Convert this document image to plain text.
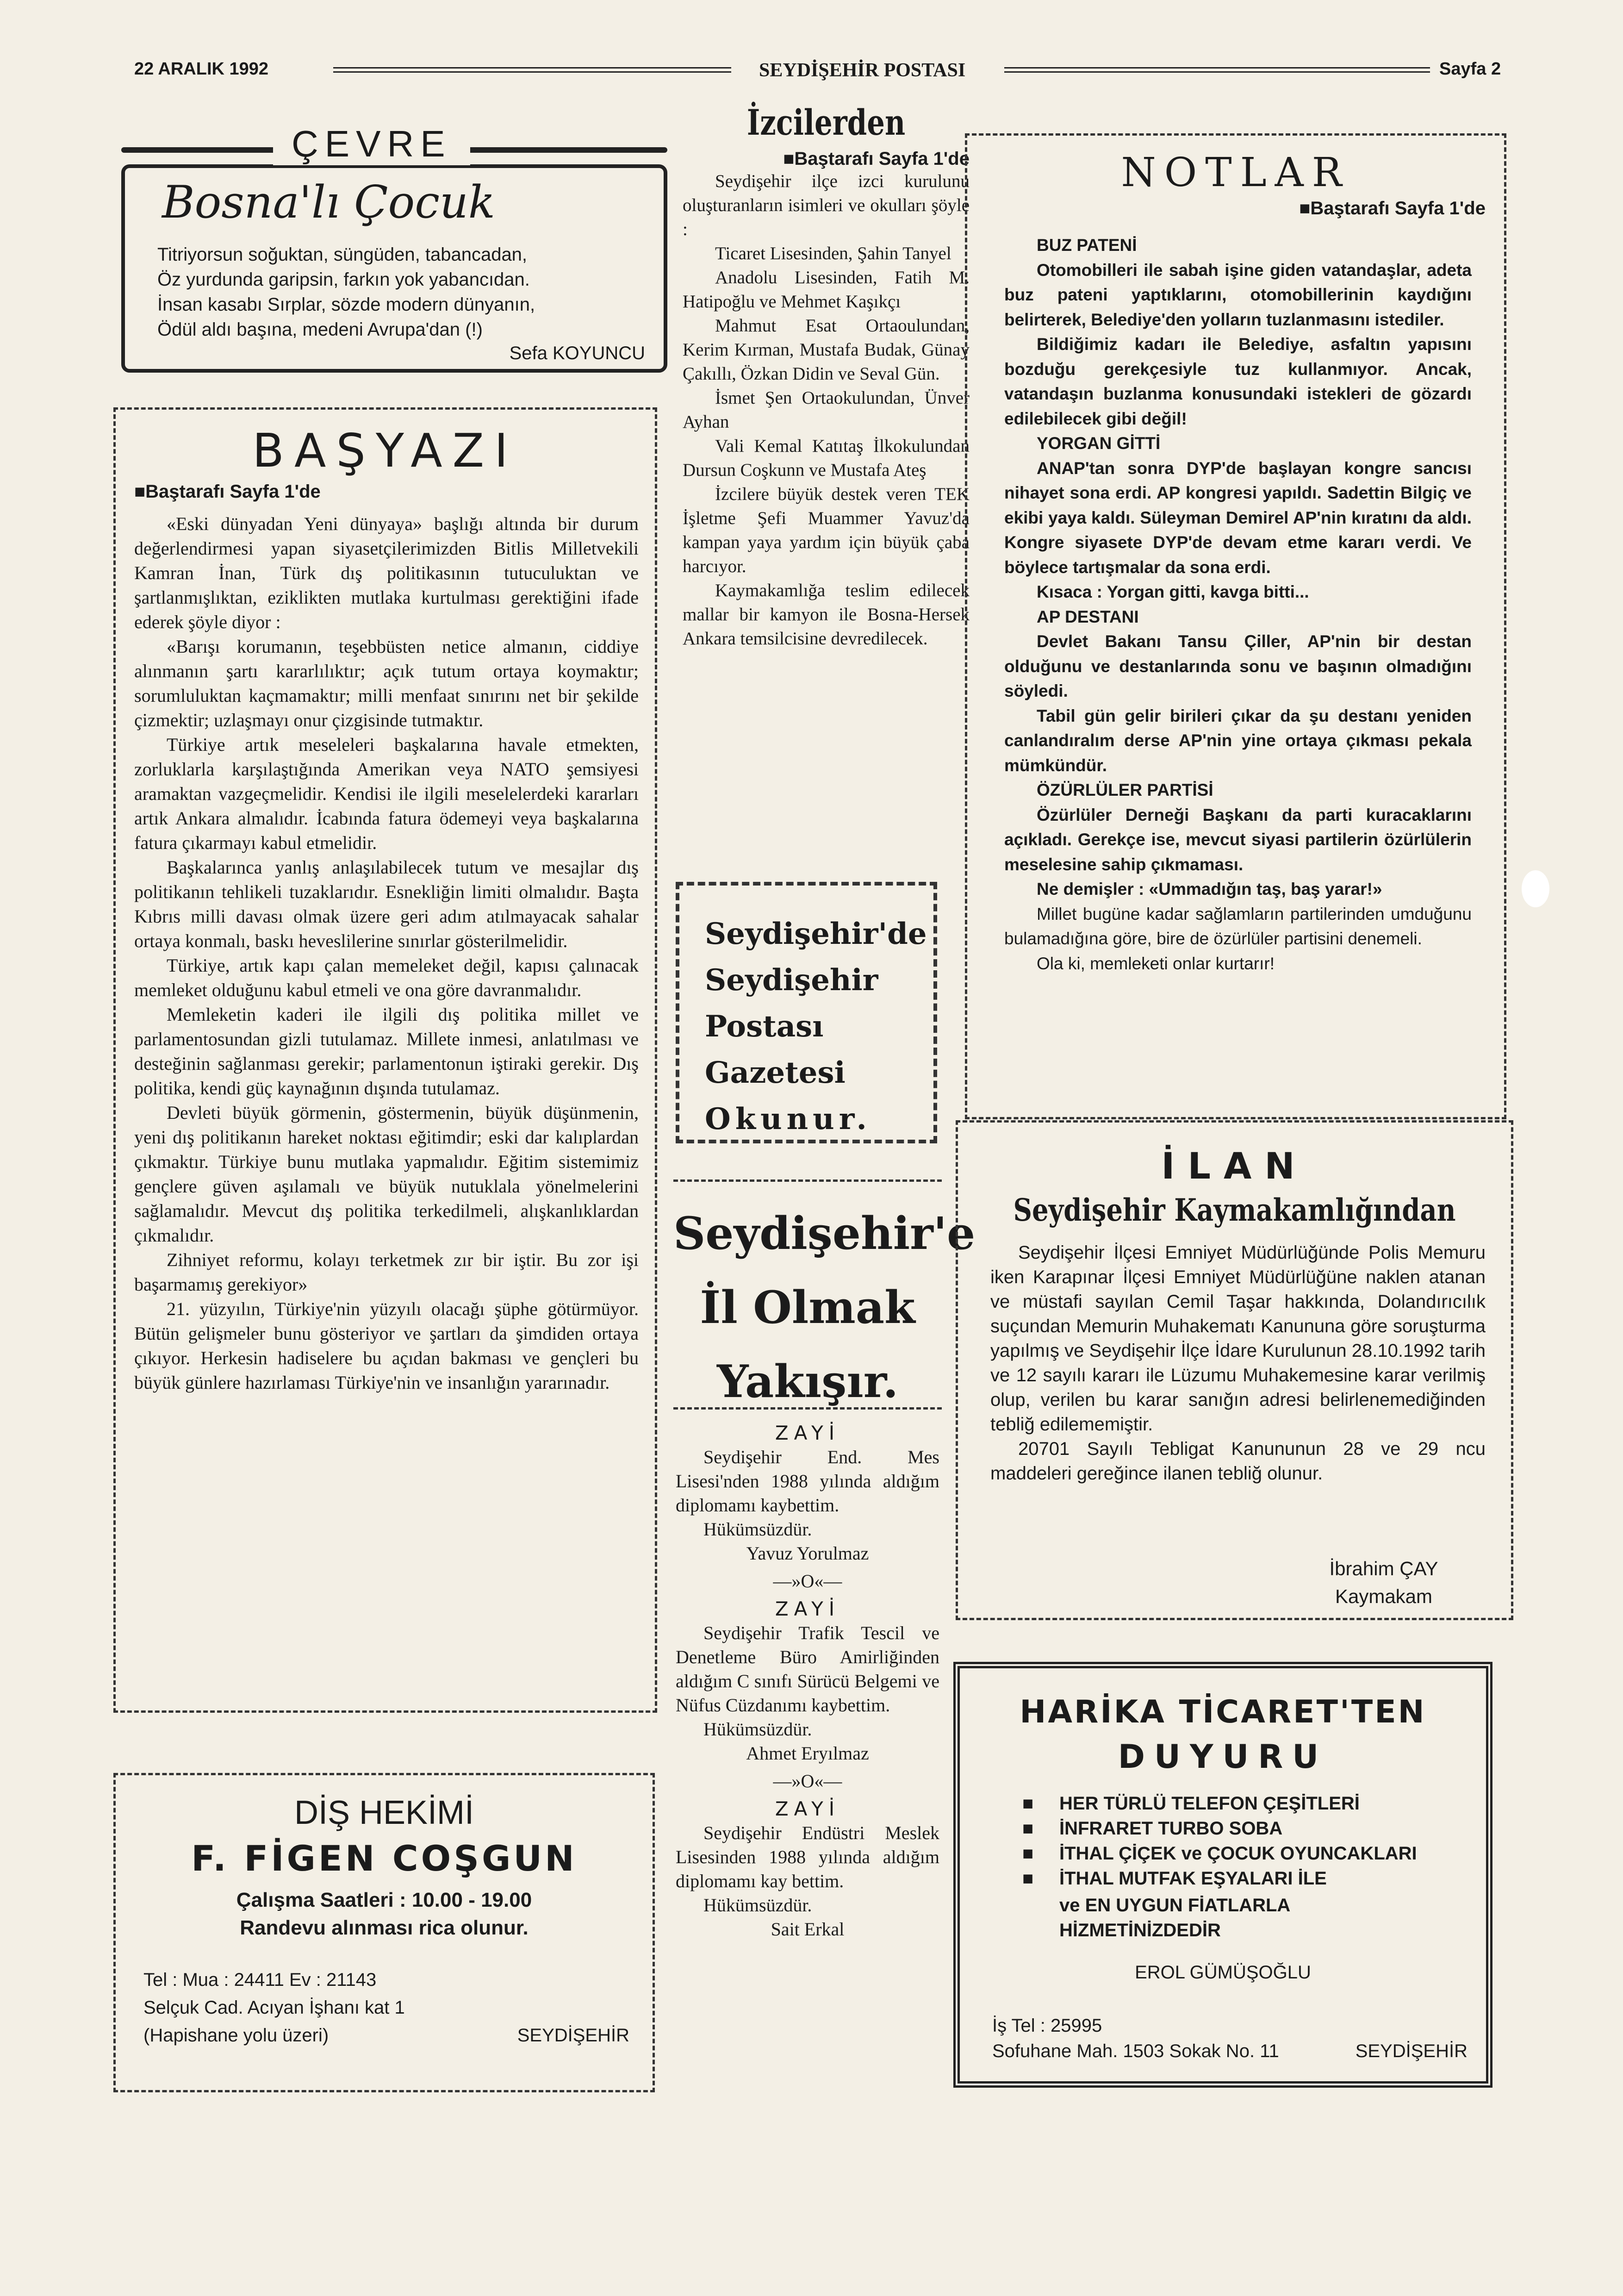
22 ARALIK 1992	SEYDİŞEHİR POSTASI	Sayfa 2
Bosna'lı Çocuk

Titriyorsun soğuktan, süngüden, tabancadan,

Öz yurdunda garipsin, farkın yok yabancıdan.

İnsan kasabı Sırplar, sözde modern dünyanın,

Ödül aldı başına, medeni Avrupa'dan (!)

Sefa KOYUNCU
ÇEVRE
BAŞYAZI
■Baştarafı Sayfa 1'de

«Eski dünyadan Yeni dünyaya» başlığı altında bir durum değerlendirmesi yapan siyasetçilerimizden Bitlis Milletvekili Kamran İnan, Türk dış politikasının tutuculuktan ve şartlanmışlıktan, eziklikten mutlaka kurtulması gerektiğini ifade ederek şöyle diyor :

«Barışı korumanın, teşebbüsten netice almanın, ciddiye alınmanın şartı kararlılıktır; açık tutum ortaya koymaktır; sorumluluktan kaçmamaktır; milli menfaat sınırını net bir şekilde çizmektir; uzlaşmayı onur çizgisinde tutmaktır.

Türkiye artık meseleleri başkalarına havale etmekten, zorluklarla karşılaştığında Amerikan veya NATO şemsiyesi aramaktan vazgeçmelidir. Kendisi ile ilgili meselelerdeki kararları artık Ankara almalıdır. İcabında fatura ödemeyi veya başkalarına fatura çıkarmayı kabul etmelidir.

Başkalarınca yanlış anlaşılabilecek tutum ve mesajlar dış politikanın tehlikeli tuzaklarıdır. Esnekliğin limiti olmalıdır. Başta Kıbrıs milli davası olmak üzere geri adım atılmayacak sahalar ortaya konmalı, baskı heveslilerine sınırlar gösterilmelidir.

Türkiye, artık kapı çalan memeleket değil, kapısı çalınacak memleket olduğunu kabul etmeli ve ona göre davranmalıdır.

Memleketin kaderi ile ilgili dış politika millet ve parlamentosundan gizli tutulamaz. Millete inmesi, anlatılması ve desteğinin sağlanması gerekir; parlamentonun iştiraki gerekir. Dış politika, kendi güç kaynağının dışında tutulamaz.

Devleti büyük görmenin, göstermenin, büyük düşünmenin, yeni dış politikanın hareket noktası eğitimdir; eski dar kalıplardan çıkmaktır. Türkiye bunu mutlaka yapmalıdır. Eğitim sistemimiz gençlere güven aşılamalı ve büyük nutuklala yönelmelerini sağlamalıdır. Mevcut dış politika terkedilmeli, alışkanlıklardan çıkmalıdır.

Zihniyet reformu, kolayı terketmek zır bir iştir. Bu zor işi başarmamış gerekiyor»

21. yüzyılın, Türkiye'nin yüzyılı olacağı şüphe götürmüyor. Bütün gelişmeler bunu gösteriyor ve şartları da şimdiden ortaya çıkıyor. Herkesin hadiselere bu açıdan bakması ve gençleri bu büyük günlere hazırlaması Türkiye'nin ve insanlığın yararınadır.

DİŞ HEKİMİ
F. FİGEN COŞGUN
Çalışma Saatleri : 10.00 - 19.00
Randevu alınması rica olunur.
Tel : Mua : 24411 Ev : 21143
Selçuk Cad. Acıyan İşhanı kat 1
(Hapishane yolu üzeri)	SEYDİŞEHİR
İzcilerden
■Baştarafı Sayfa 1'de

Seydişehir ilçe izci kurulunu oluşturanların isimleri ve okulları şöyle :

Ticaret Lisesinden, Şahin Tanyel

Anadolu Lisesinden, Fatih M. Hatipoğlu ve Mehmet Kaşıkçı

Mahmut Esat Ortaoulundan, Kerim Kırman, Mustafa Budak, Günay Çakıllı, Özkan Didin ve Seval Gün.

İsmet Şen Ortaokulundan, Ünver Ayhan

Vali Kemal Katıtaş İlkokulundan Dursun Coşkunn ve Mustafa Ateş

İzcilere büyük destek veren TEK İşletme Şefi Muammer Yavuz'da kampan yaya yardım için büyük çaba harcıyor.

Kaymakamlığa teslim edilecek mallar bir kamyon ile Bosna-Hersek Ankara temsilcisine devredilecek.

Seydişehir'de

Seydişehir

Postası

Gazetesi

Okunur.

Seydişehir'e

İl Olmak

Yakışır.

ZAYİ

Seydişehir End. Mes Lisesi'nden 1988 yılında aldığım diplomamı kaybettim.

Hükümsüzdür.

Yavuz Yorulmaz

—»O«—

ZAYİ

Seydişehir Trafik Tescil ve Denetleme Büro Amirliğinden aldığım C sınıfı Sürücü Belgemi ve Nüfus Cüzdanımı kaybettim.

Hükümsüzdür.

Ahmet Eryılmaz

—»O«—

ZAYİ

Seydişehir Endüstri Meslek Lisesinden 1988 yılında aldığım diplomamı kay bettim.

Hükümsüzdür.

Sait Erkal

NOTLAR
■Baştarafı Sayfa 1'de

BUZ PATENİ

Otomobilleri ile sabah işine giden vatandaşlar, adeta buz pateni yaptıklarını, otomobillerinin kaydığını belirterek, Belediye'den yolların tuzlanmasını istediler.

Bildiğimiz kadarı ile Belediye, asfaltın yapısını bozduğu gerekçesiyle tuz kullanmıyor. Ancak, vatandaşın buzlanma konusundaki istekleri de gözardı edilebilecek gibi değil!

YORGAN GİTTİ

ANAP'tan sonra DYP'de başlayan kongre sancısı nihayet sona erdi. AP kongresi yapıldı. Sadettin Bilgiç ve ekibi yaya kaldı. Süleyman Demirel AP'nin kıratını da aldı. Kongre siyasete DYP'de devam etme kararı verdi. Ve böylece tartışmalar da sona erdi.

Kısaca : Yorgan gitti, kavga bitti...

AP DESTANI

Devlet Bakanı Tansu Çiller, AP'nin bir destan olduğunu ve destanlarında sonu ve başının olmadığını söyledi.

Tabil gün gelir birileri çıkar da şu destanı yeniden canlandıralım derse AP'nin yine ortaya çıkması pekala mümkündür.

ÖZÜRLÜLER PARTİSİ

Özürlüler Derneği Başkanı da parti kuracaklarını açıkladı. Gerekçe ise, mevcut siyasi partilerin özürlülerin meselesine sahip çıkmaması.

Ne demişler : «Ummadığın taş, baş yarar!»

Millet bugüne kadar sağlamların partilerinden umduğunu bulamadığına göre, bire de özürlüler partisini denemeli.

Ola ki, memleketi onlar kurtarır!

İLAN
Seydişehir Kaymakamlığından

Seydişehir İlçesi Emniyet Müdürlüğünde Polis Memuru iken Karapınar İlçesi Emniyet Müdürlüğüne naklen atanan ve müstafi sayılan Cemil Taşar hakkında, Dolandırıcılık suçundan Memurin Muhakematı Kanununa göre soruşturma yapılmış ve Seydişehir İlçe İdare Kurulunun 28.10.1992 tarih ve 12 sayılı kararı ile Lüzumu Muhakemesine karar verilmiş olup, verilen bu karar sanığın adresi belirlenemediğinden tebliğ edilememiştir.

20701 Sayılı Tebligat Kanununun 28 ve 29 ncu maddeleri gereğince ilanen tebliğ olunur.

İbrahim ÇAY
Kaymakam
HARİKA TİCARET'TEN
DUYURU
■ HER TÜRLÜ TELEFON ÇEŞİTLERİ
■ İNFRARET TURBO SOBA
■ İTHAL ÇİÇEK ve ÇOCUK OYUNCAKLARI
■ İTHAL MUTFAK EŞYALARI İLE

ve EN UYGUN FİATLARLA

HİZMETİNİZDEDİR

EROL GÜMÜŞOĞLU
İş Tel : 25995
Sofuhane Mah. 1503 Sokak No. 11	SEYDİŞEHİR
